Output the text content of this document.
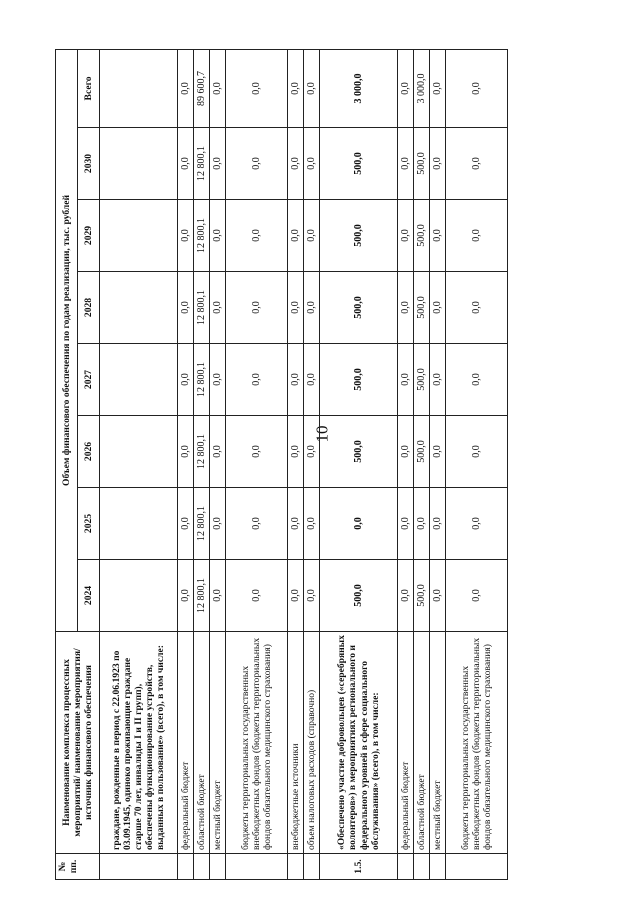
10
№ пп.	Наименование комплекса процессных мероприятий/ наименование мероприятия/ источник финансового обеспечения	Объем финансового обеспечения по годам реализации, тыс. рублей							
		2024	2025	2026	2027	2028	2029	2030	Всего
	граждане, рожденные в период с 22.06.1923 по 03.09.1945, одиноко проживающие граждане старше 70 лет, инвалиды I и II групп), обеспечены функционирование устройств, выданных в пользование» (всего), в том числе:								
	федеральный бюджет	0,0	0,0	0,0	0,0	0,0	0,0	0,0	0,0
	областной бюджет	12 800,1	12 800,1	12 800,1	12 800,1	12 800,1	12 800,1	12 800,1	89 600,7
	местный бюджет	0,0	0,0	0,0	0,0	0,0	0,0	0,0	0,0
	бюджеты территориальных государственных внебюджетных фондов (бюджеты территориальных фондов обязательного медицинского страхования)	0,0	0,0	0,0	0,0	0,0	0,0	0,0	0,0
	внебюджетные источники	0,0	0,0	0,0	0,0	0,0	0,0	0,0	0,0
	объем налоговых расходов (справочно)	0,0	0,0	0,0	0,0	0,0	0,0	0,0	0,0
1.5.	«Обеспечено участие добровольцев («серебряных волонтеров») в мероприятиях регионального и федерального уровней в сфере социального обслуживания» (всего), в том числе:	500,0	0,0	500,0	500,0	500,0	500,0	500,0	3 000,0
	федеральный бюджет	0,0	0,0	0,0	0,0	0,0	0,0	0,0	0,0
	областной бюджет	500,0	0,0	500,0	500,0	500,0	500,0	500,0	3 000,0
	местный бюджет	0,0	0,0	0,0	0,0	0,0	0,0	0,0	0,0
	бюджеты территориальных государственных внебюджетных фондов (бюджеты территориальных фондов обязательного медицинского страхования)	0,0	0,0	0,0	0,0	0,0	0,0	0,0	0,0
